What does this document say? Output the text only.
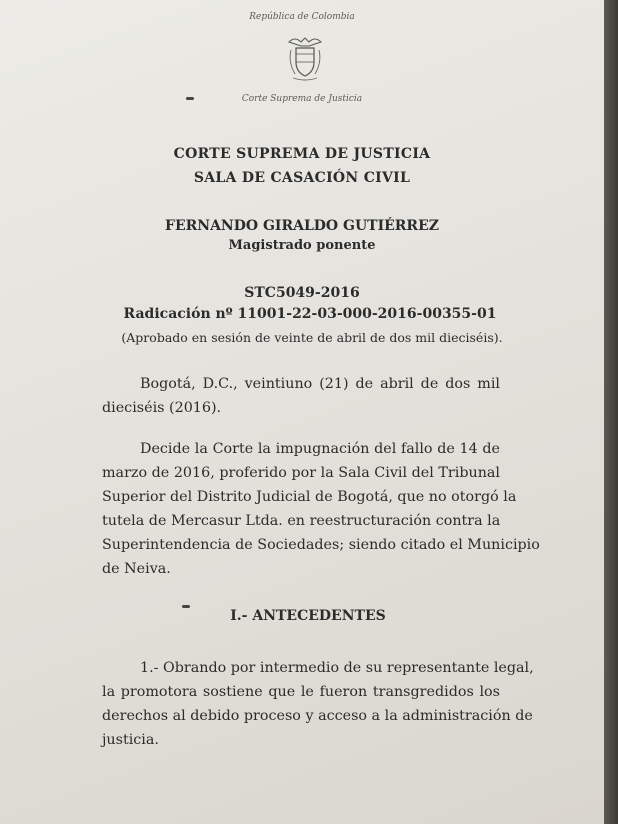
República de Colombia
Corte Suprema de Justicia
CORTE SUPREMA DE JUSTICIA
SALA DE CASACIÓN CIVIL
FERNANDO GIRALDO GUTIÉRREZ
Magistrado ponente
STC5049-2016
Radicación nº 11001-22-03-000-2016-00355-01
(Aprobado en sesión de veinte de abril de dos mil dieciséis).
Bogotá, D.C., veintiuno (21) de abril de dos mil
dieciséis (2016).
Decide la Corte la impugnación del fallo de 14 de
marzo de 2016, proferido por la Sala Civil del Tribunal
Superior del Distrito Judicial de Bogotá, que no otorgó la
tutela de Mercasur Ltda. en reestructuración contra la
Superintendencia de Sociedades; siendo citado el Municipio
de Neiva.
I.- ANTECEDENTES
1.- Obrando por intermedio de su representante legal,
la promotora sostiene que le fueron transgredidos los
derechos al debido proceso y acceso a la administración de
justicia.
